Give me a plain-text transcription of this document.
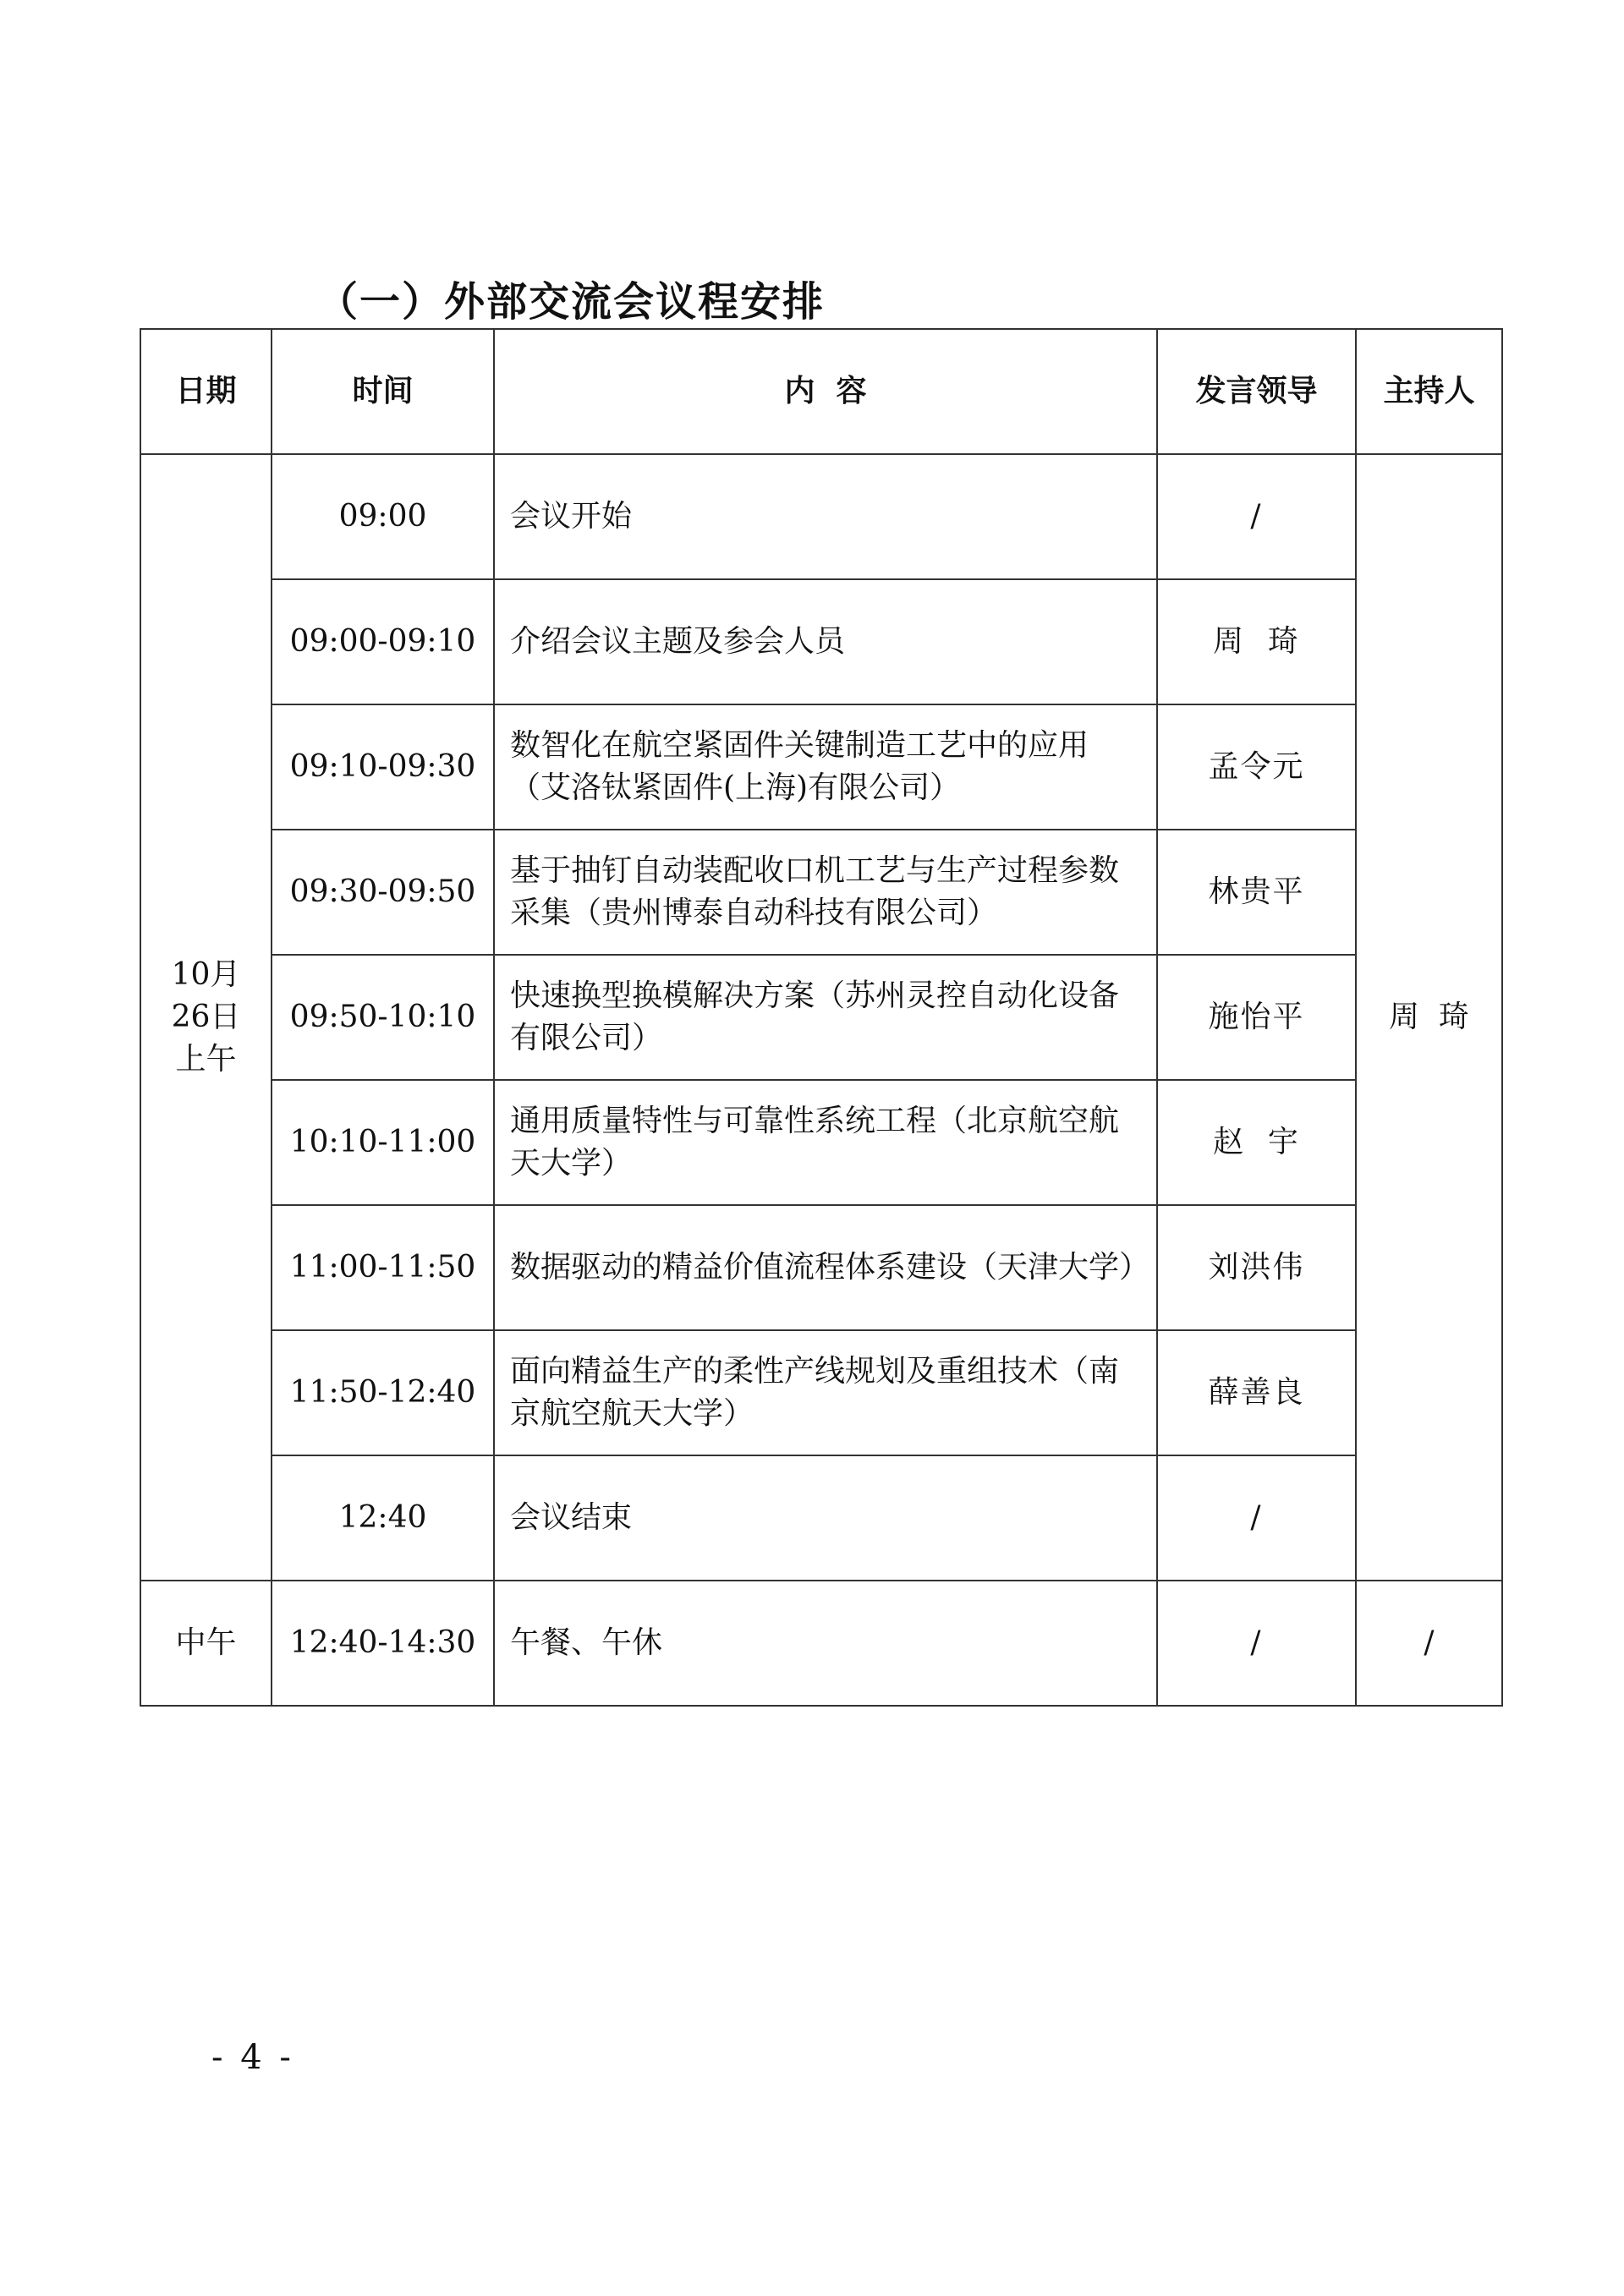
（一）外部交流会议程安排
日期	时间	内  容	发言领导	主持人

10月
26日
上午	09:00	会议开始	/	周  琦
	09:00-09:10	介绍会议主题及参会人员	周  琦	
	09:10-09:30	数智化在航空紧固件关键制造工艺中的应用（艾洛钛紧固件(上海)有限公司）	孟令元	
	09:30-09:50	基于抽钉自动装配收口机工艺与生产过程参数采集（贵州博泰自动科技有限公司）	林贵平	
	09:50-10:10	快速换型换模解决方案（苏州灵控自动化设备有限公司）	施怡平	
	10:10-11:00	通用质量特性与可靠性系统工程（北京航空航天大学）	赵  宇	
	11:00-11:50	数据驱动的精益价值流程体系建设（天津大学）	刘洪伟	
	11:50-12:40	面向精益生产的柔性产线规划及重组技术（南京航空航天大学）	薛善良	
	12:40	会议结束	/	
中午	12:40-14:30	午餐、午休	/	/
- 4 -
